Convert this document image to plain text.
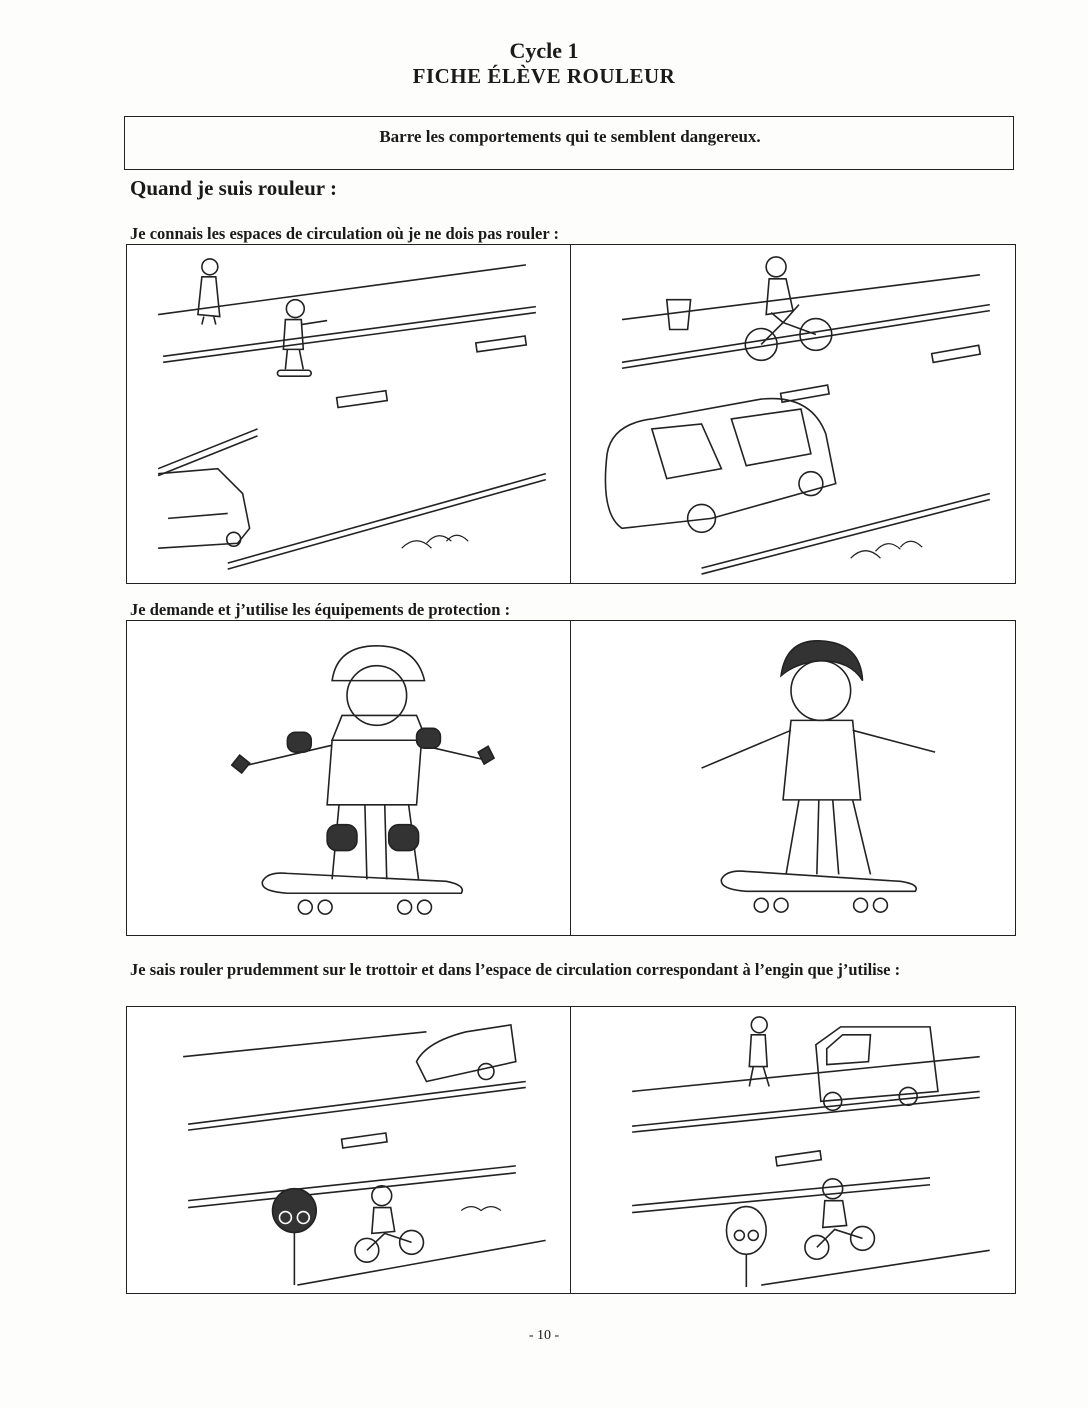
Cycle 1
FICHE ÉLÈVE ROULEUR
Barre les comportements qui te semblent dangereux.
Quand je suis rouleur :
Je connais les espaces de circulation où je ne dois pas rouler :
Je demande et j’utilise les équipements de protection :
Je sais rouler prudemment sur le trottoir et dans l’espace de circulation correspondant à l’engin que j’utilise :
- 10 -
